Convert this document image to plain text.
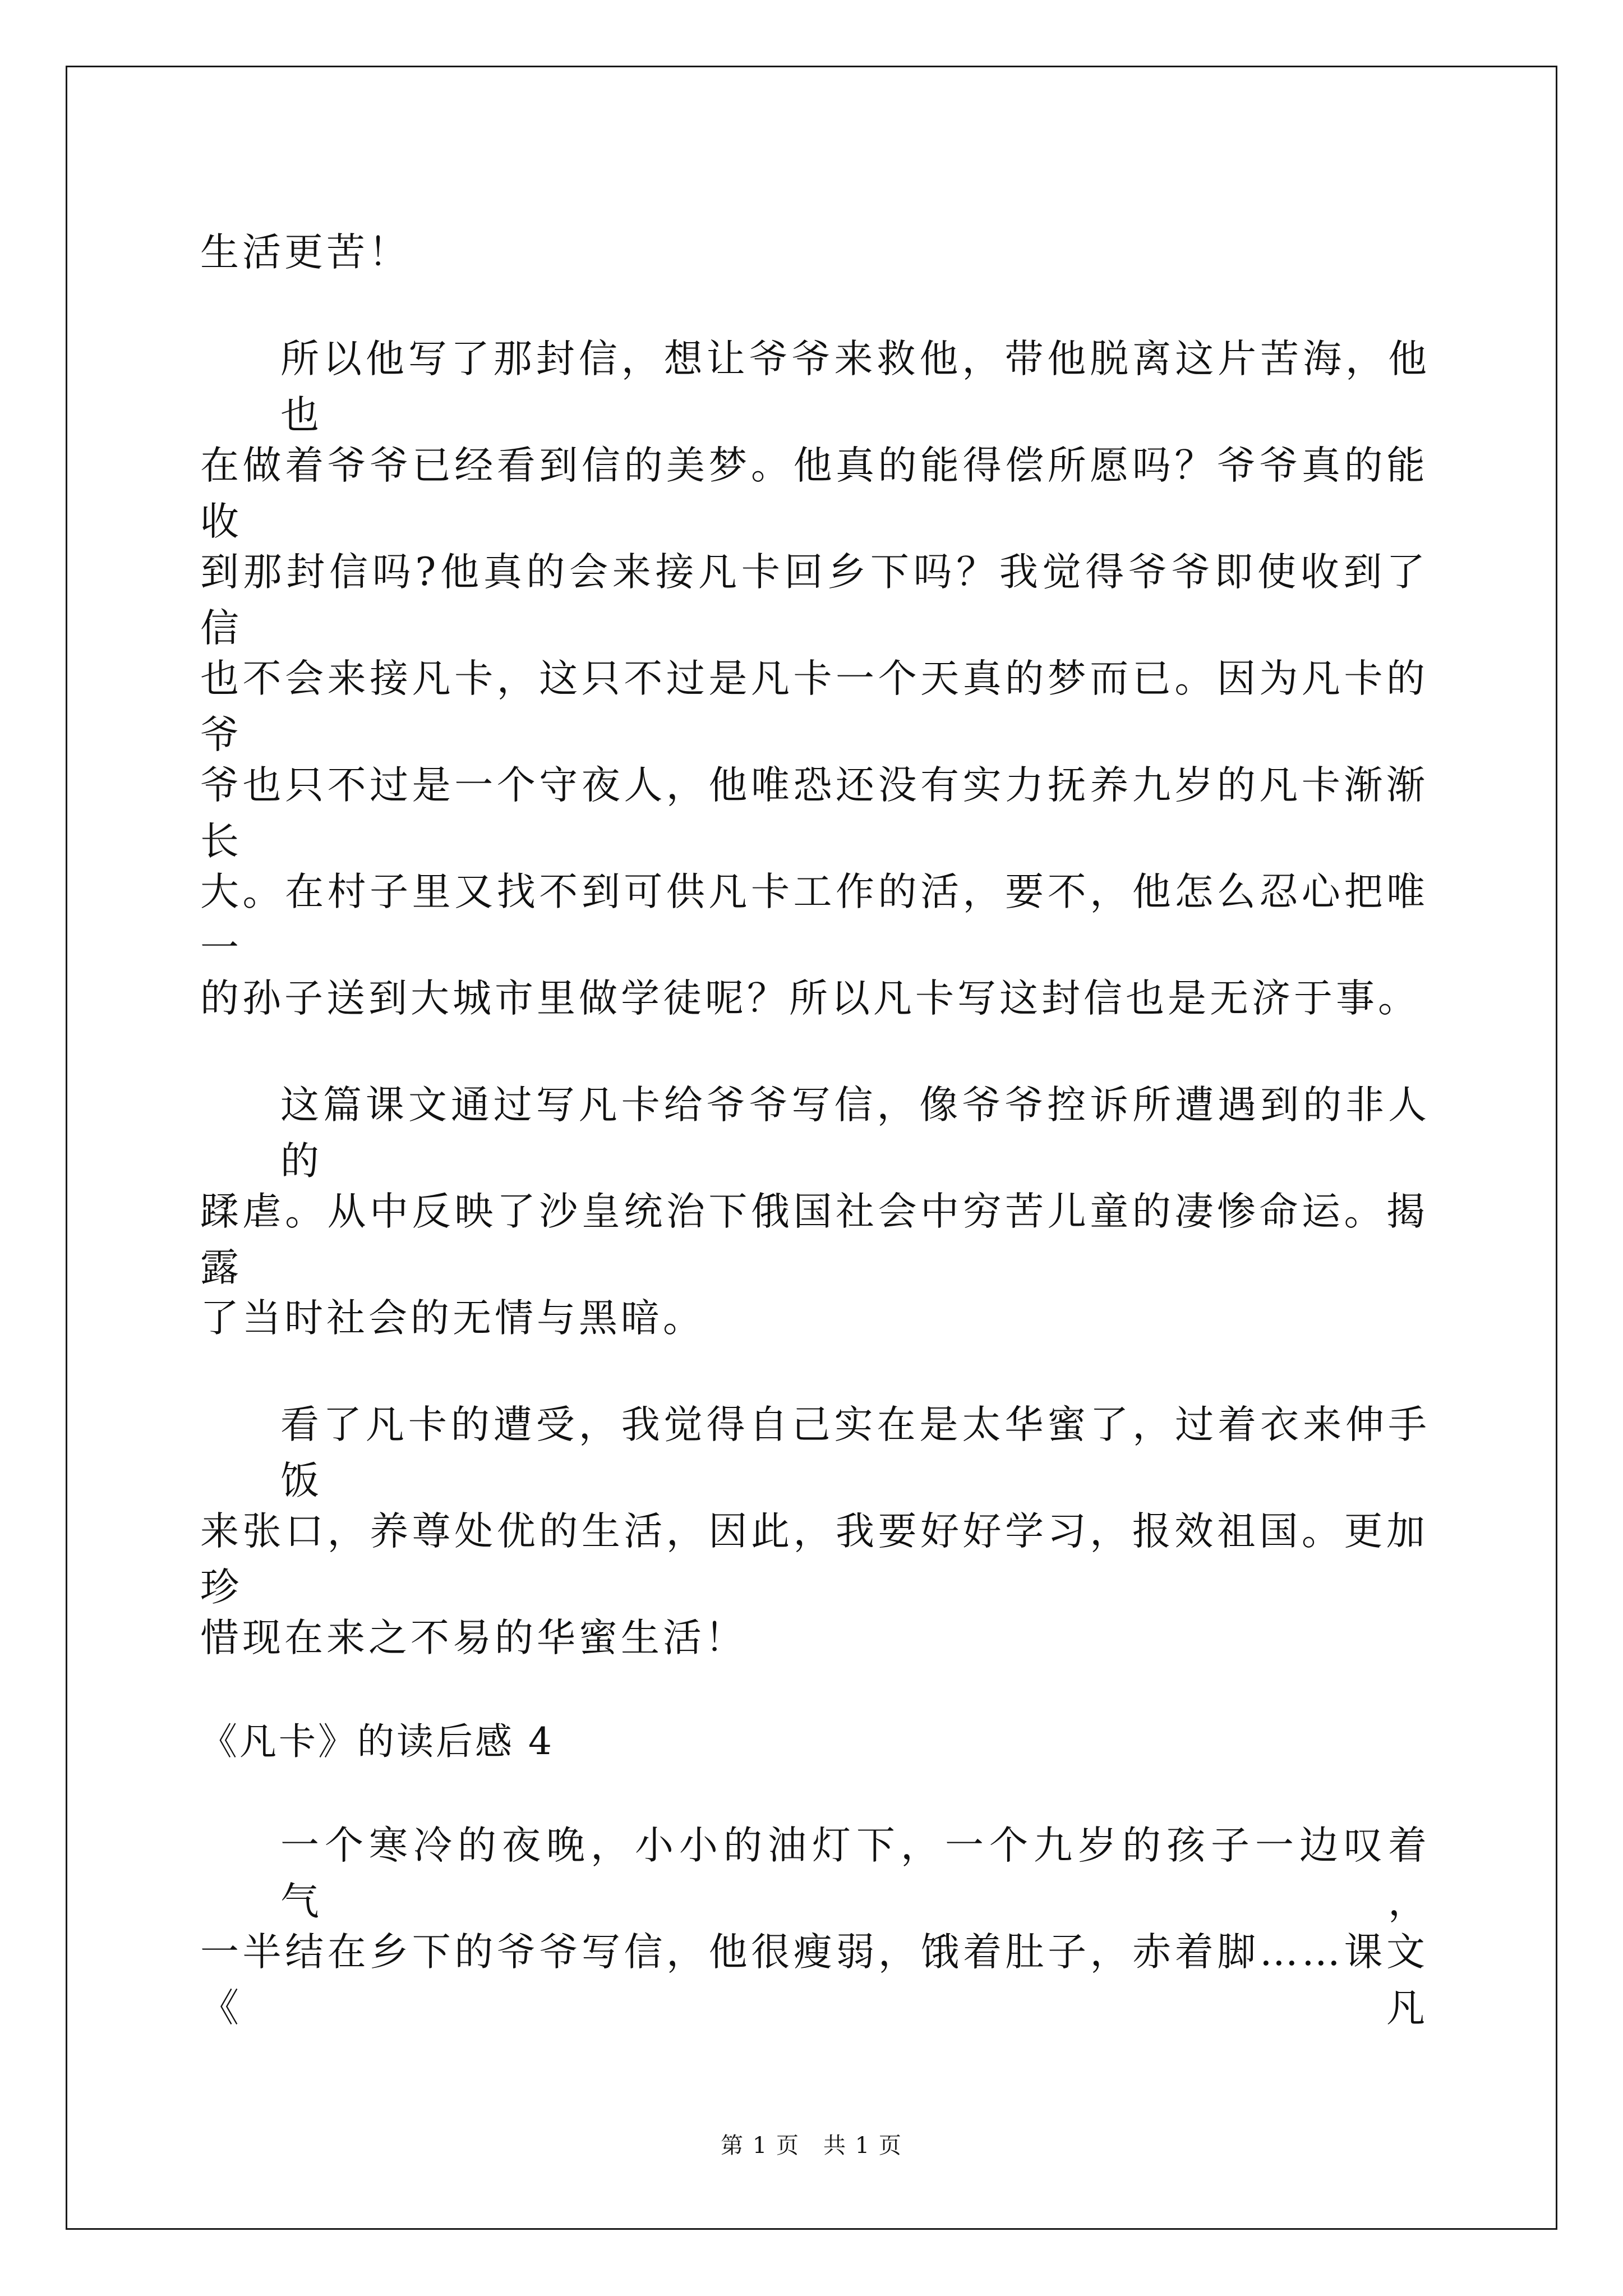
生活更苦！
所以他写了那封信，想让爷爷来救他，带他脱离这片苦海，他也
在做着爷爷已经看到信的美梦。他真的能得偿所愿吗？爷爷真的能收
到那封信吗?他真的会来接凡卡回乡下吗？我觉得爷爷即使收到了信
也不会来接凡卡，这只不过是凡卡一个天真的梦而已。因为凡卡的爷
爷也只不过是一个守夜人，他唯恐还没有实力抚养九岁的凡卡渐渐长
大。在村子里又找不到可供凡卡工作的活，要不，他怎么忍心把唯一
的孙子送到大城市里做学徒呢？所以凡卡写这封信也是无济于事。
这篇课文通过写凡卡给爷爷写信，像爷爷控诉所遭遇到的非人的
蹂虐。从中反映了沙皇统治下俄国社会中穷苦儿童的凄惨命运。揭露
了当时社会的无情与黑暗。
看了凡卡的遭受，我觉得自己实在是太华蜜了，过着衣来伸手饭
来张口，养尊处优的生活，因此，我要好好学习，报效祖国。更加珍
惜现在来之不易的华蜜生活！
《凡卡》的读后感 4
一个寒冷的夜晚，小小的油灯下，一个九岁的孩子一边叹着气，
一半结在乡下的爷爷写信，他很瘦弱，饿着肚子，赤着脚……课文《凡
第 1 页　共 1 页
